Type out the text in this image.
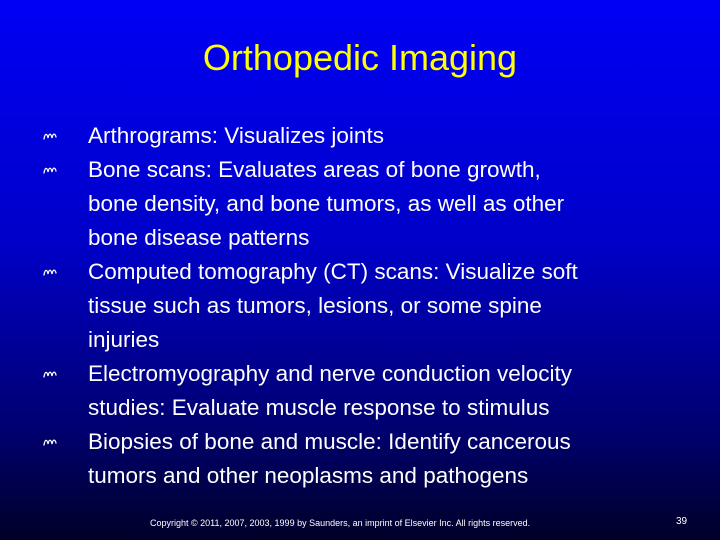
Orthopedic Imaging
Arthrograms: Visualizes joints
Bone scans: Evaluates areas of bone growth,
bone density, and bone tumors, as well as other
bone disease patterns
Computed tomography (CT) scans: Visualize soft
tissue such as tumors, lesions, or some spine
injuries
Electromyography and nerve conduction velocity
studies: Evaluate muscle response to stimulus
Biopsies of bone and muscle: Identify cancerous
tumors and other neoplasms and pathogens
Copyright © 2011, 2007, 2003, 1999 by Saunders, an imprint of Elsevier Inc. All rights reserved.	39
